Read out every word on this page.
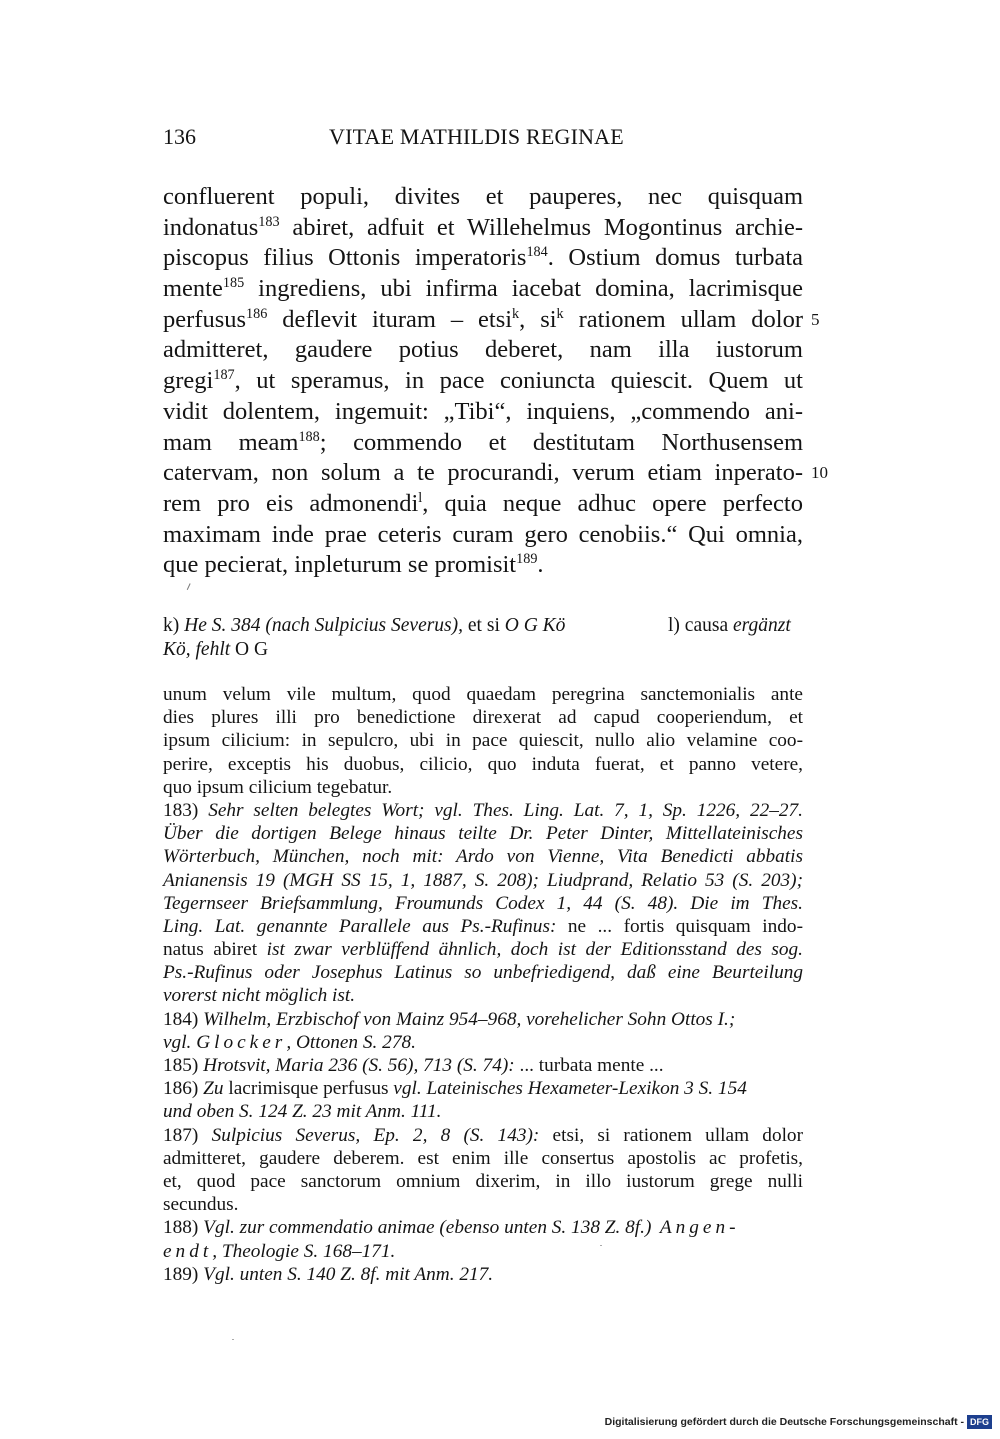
136	VITAE MATHILDIS REGINAE
confluerent populi, divites et pauperes, nec quisquam
indonatus$^{183}$ abiret, adfuit et Willehelmus Mogontinus archie-
piscopus filius Ottonis imperatoris$^{184}$. Ostium domus turbata
mente$^{185}$ ingrediens, ubi infirma iacebat domina, lacrimisque
perfusus$^{186}$ deflevit ituram – etsi$^k$, $si^k$ rationem ullam dolor 5
admitteret, gaudere potius deberet, nam illa iustorum
gregi$^{187}$, ut speramus, in pace coniuncta quiescit. Quem ut
vidit dolentem, ingemuit: „Tibi“, inquiens, „commendo ani-
mam meam$^{188}$; commendo et destitutam Northusensem
catervam, non solum a te procurandi, verum etiam inperato- 10
rem pro eis admonendi$^l$, quia neque adhuc opere perfecto
maximam inde prae ceteris curam gero cenobiis.“ Qui omnia,
que pecierat, inpleturum se promisit$^{189}$.
k) He S. 384 (nach Sulpicius Severus), et si O G Kö	l) causa ergänzt
Kö, fehlt O G
unum velum vile multum, quod quaedam peregrina sanctemonialis ante
dies plures illi pro benedictione direxerat ad capud cooperiendum, et
ipsum cilicium: in sepulcro, ubi in pace quiescit, nullo alio velamine coo-
perire, exceptis his duobus, cilicio, quo induta fuerat, et panno vetere,
quo ipsum cilicium tegebatur.
183) Sehr selten belegtes Wort; vgl. Thes. Ling. Lat. 7, 1, Sp. 1226, 22–27.
Über die dortigen Belege hinaus teilte Dr. Peter Dinter, Mittellateinisches
Wörterbuch, München, noch mit: Ardo von Vienne, Vita Benedicti abbatis
Anianensis 19 (MGH SS 15, 1, 1887, S. 208); Liudprand, Relatio 53 (S. 203);
Tegernseer Briefsammlung, Froumunds Codex 1, 44 (S. 48). Die im Thes.
Ling. Lat. genannte Parallele aus Ps.-Rufinus: ne ... fortis quisquam indo-
natus abiret ist zwar verblüffend ähnlich, doch ist der Editionsstand des sog.
Ps.-Rufinus oder Josephus Latinus so unbefriedigend, daß eine Beurteilung
vorerst nicht möglich ist.
184) Wilhelm, Erzbischof von Mainz 954–968, vorehelicher Sohn Ottos I.;
vgl. Glocker, Ottonen S. 278.
185) Hrotsvit, Maria 236 (S. 56), 713 (S. 74): ... turbata mente ...
186) Zu lacrimisque perfusus vgl. Lateinisches Hexameter-Lexikon 3 S. 154
und oben S. 124 Z. 23 mit Anm. 111.
187) Sulpicius Severus, Ep. 2, 8 (S. 143): etsi, si rationem ullam dolor
admitteret, gaudere deberem. est enim ille consertus apostolis ac profetis,
et, quod pace sanctorum omnium dixerim, in illo iustorum grege nulli
secundus.
188) Vgl. zur commendatio animae (ebenso unten S. 138 Z. 8f.) Angen-
endt, Theologie S. 168–171.
189) Vgl. unten S. 140 Z. 8f. mit Anm. 217.
Digitalisierung gefördert durch die Deutsche Forschungsgemeinschaft - DFG
